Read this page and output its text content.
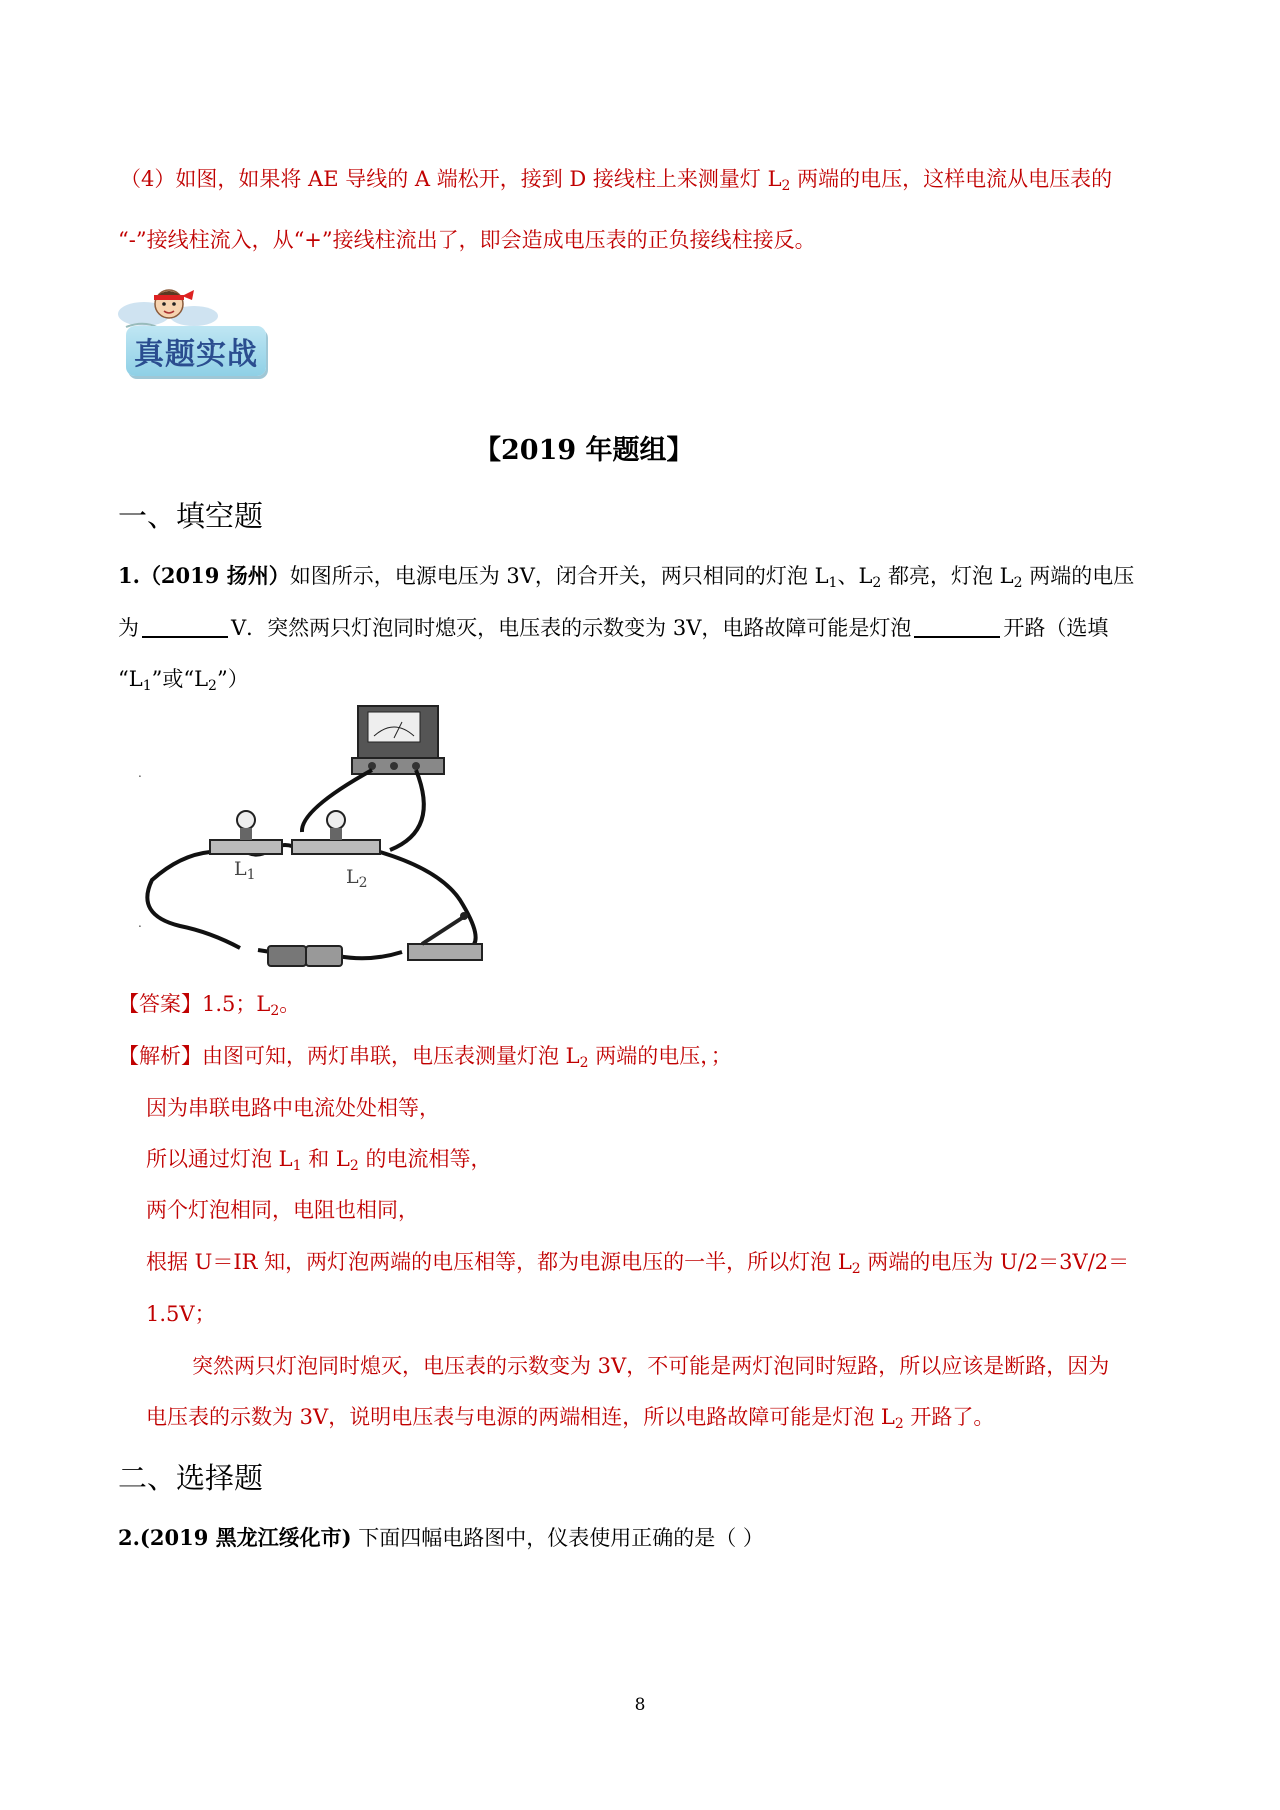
（4）如图，如果将 AE 导线的 A 端松开，接到 D 接线柱上来测量灯 $L_2$ 两端的电压，这样电流从电压表的
“-”接线柱流入，从“+”接线柱流出了，即会造成电压表的正负接线柱接反。
真题实战
【2019 年题组】
一、填空题
1.（2019 扬州）如图所示，电源电压为 3V，闭合开关，两只相同的灯泡 $L_1$、$L_2$ 都亮，灯泡 $L_2$ 两端的电压
为	V．突然两只灯泡同时熄灭，电压表的示数变为 3V，电路故障可能是灯泡	开路（选填
“$L_1$”或“$L_2$”）
.
.
$L_1$	$L_2$
【答案】1.5；$L_2$。
【解析】由图可知，两灯串联，电压表测量灯泡 $L_2$ 两端的电压，；
因为串联电路中电流处处相等，
所以通过灯泡 $L_1$ 和 $L_2$ 的电流相等，
两个灯泡相同，电阻也相同，
根据 U＝IR 知，两灯泡两端的电压相等，都为电源电压的一半，所以灯泡 $L_2$ 两端的电压为 U/2＝3V/2＝
1.5V；
突然两只灯泡同时熄灭，电压表的示数变为 3V，不可能是两灯泡同时短路，所以应该是断路，因为
电压表的示数为 3V，说明电压表与电源的两端相连，所以电路故障可能是灯泡 $L_2$ 开路了。
二、选择题
2.(2019 黑龙江绥化市) 下面四幅电路图中，仪表使用正确的是（ ）
8
